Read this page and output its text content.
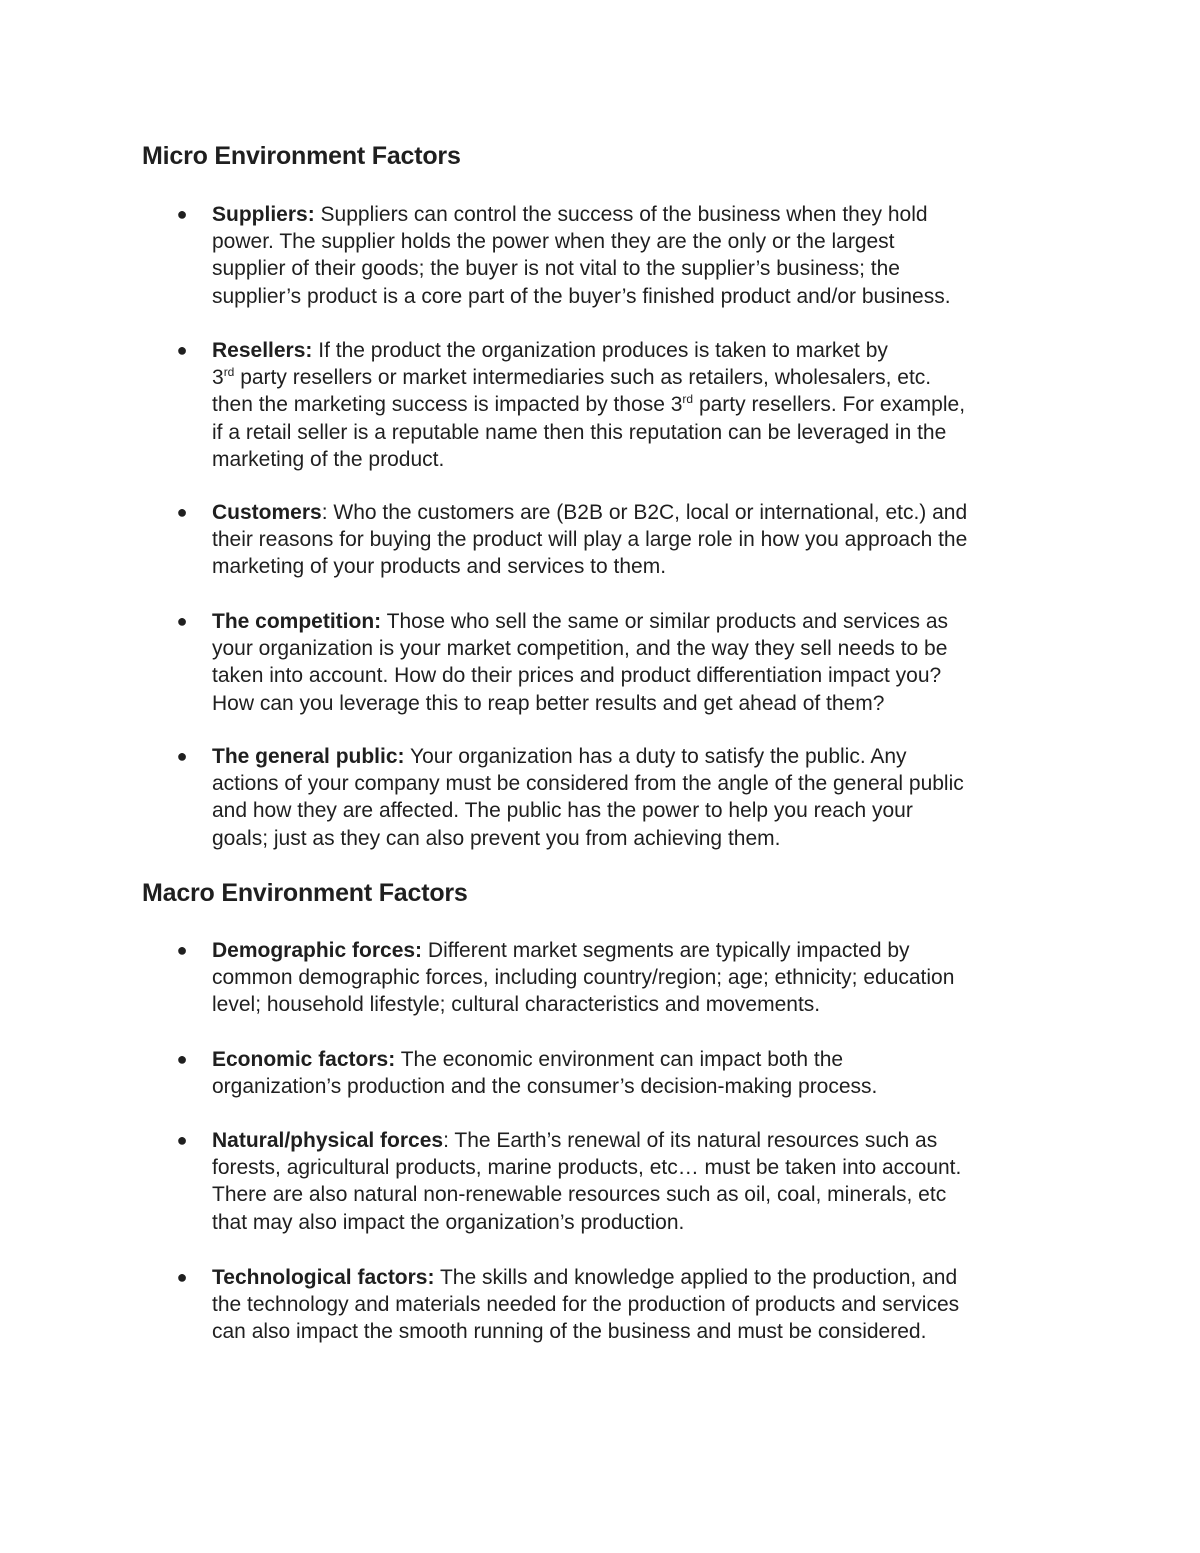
Micro Environment Factors
● Suppliers: Suppliers can control the success of the business when they hold
power. The supplier holds the power when they are the only or the largest
supplier of their goods; the buyer is not vital to the supplier’s business; the
supplier’s product is a core part of the buyer’s finished product and/or business.
● Resellers: If the product the organization produces is taken to market by
3rd party resellers or market intermediaries such as retailers, wholesalers, etc.
then the marketing success is impacted by those 3rd party resellers. For example,
if a retail seller is a reputable name then this reputation can be leveraged in the
marketing of the product.
● Customers: Who the customers are (B2B or B2C, local or international, etc.) and
their reasons for buying the product will play a large role in how you approach the
marketing of your products and services to them.
● The competition: Those who sell the same or similar products and services as
your organization is your market competition, and the way they sell needs to be
taken into account. How do their prices and product differentiation impact you?
How can you leverage this to reap better results and get ahead of them?
● The general public: Your organization has a duty to satisfy the public. Any
actions of your company must be considered from the angle of the general public
and how they are affected. The public has the power to help you reach your
goals; just as they can also prevent you from achieving them.
Macro Environment Factors
● Demographic forces: Different market segments are typically impacted by
common demographic forces, including country/region; age; ethnicity; education
level; household lifestyle; cultural characteristics and movements.
● Economic factors: The economic environment can impact both the
organization’s production and the consumer’s decision-making process.
● Natural/physical forces: The Earth’s renewal of its natural resources such as
forests, agricultural products, marine products, etc… must be taken into account.
There are also natural non-renewable resources such as oil, coal, minerals, etc
that may also impact the organization’s production.
● Technological factors: The skills and knowledge applied to the production, and
the technology and materials needed for the production of products and services
can also impact the smooth running of the business and must be considered.
